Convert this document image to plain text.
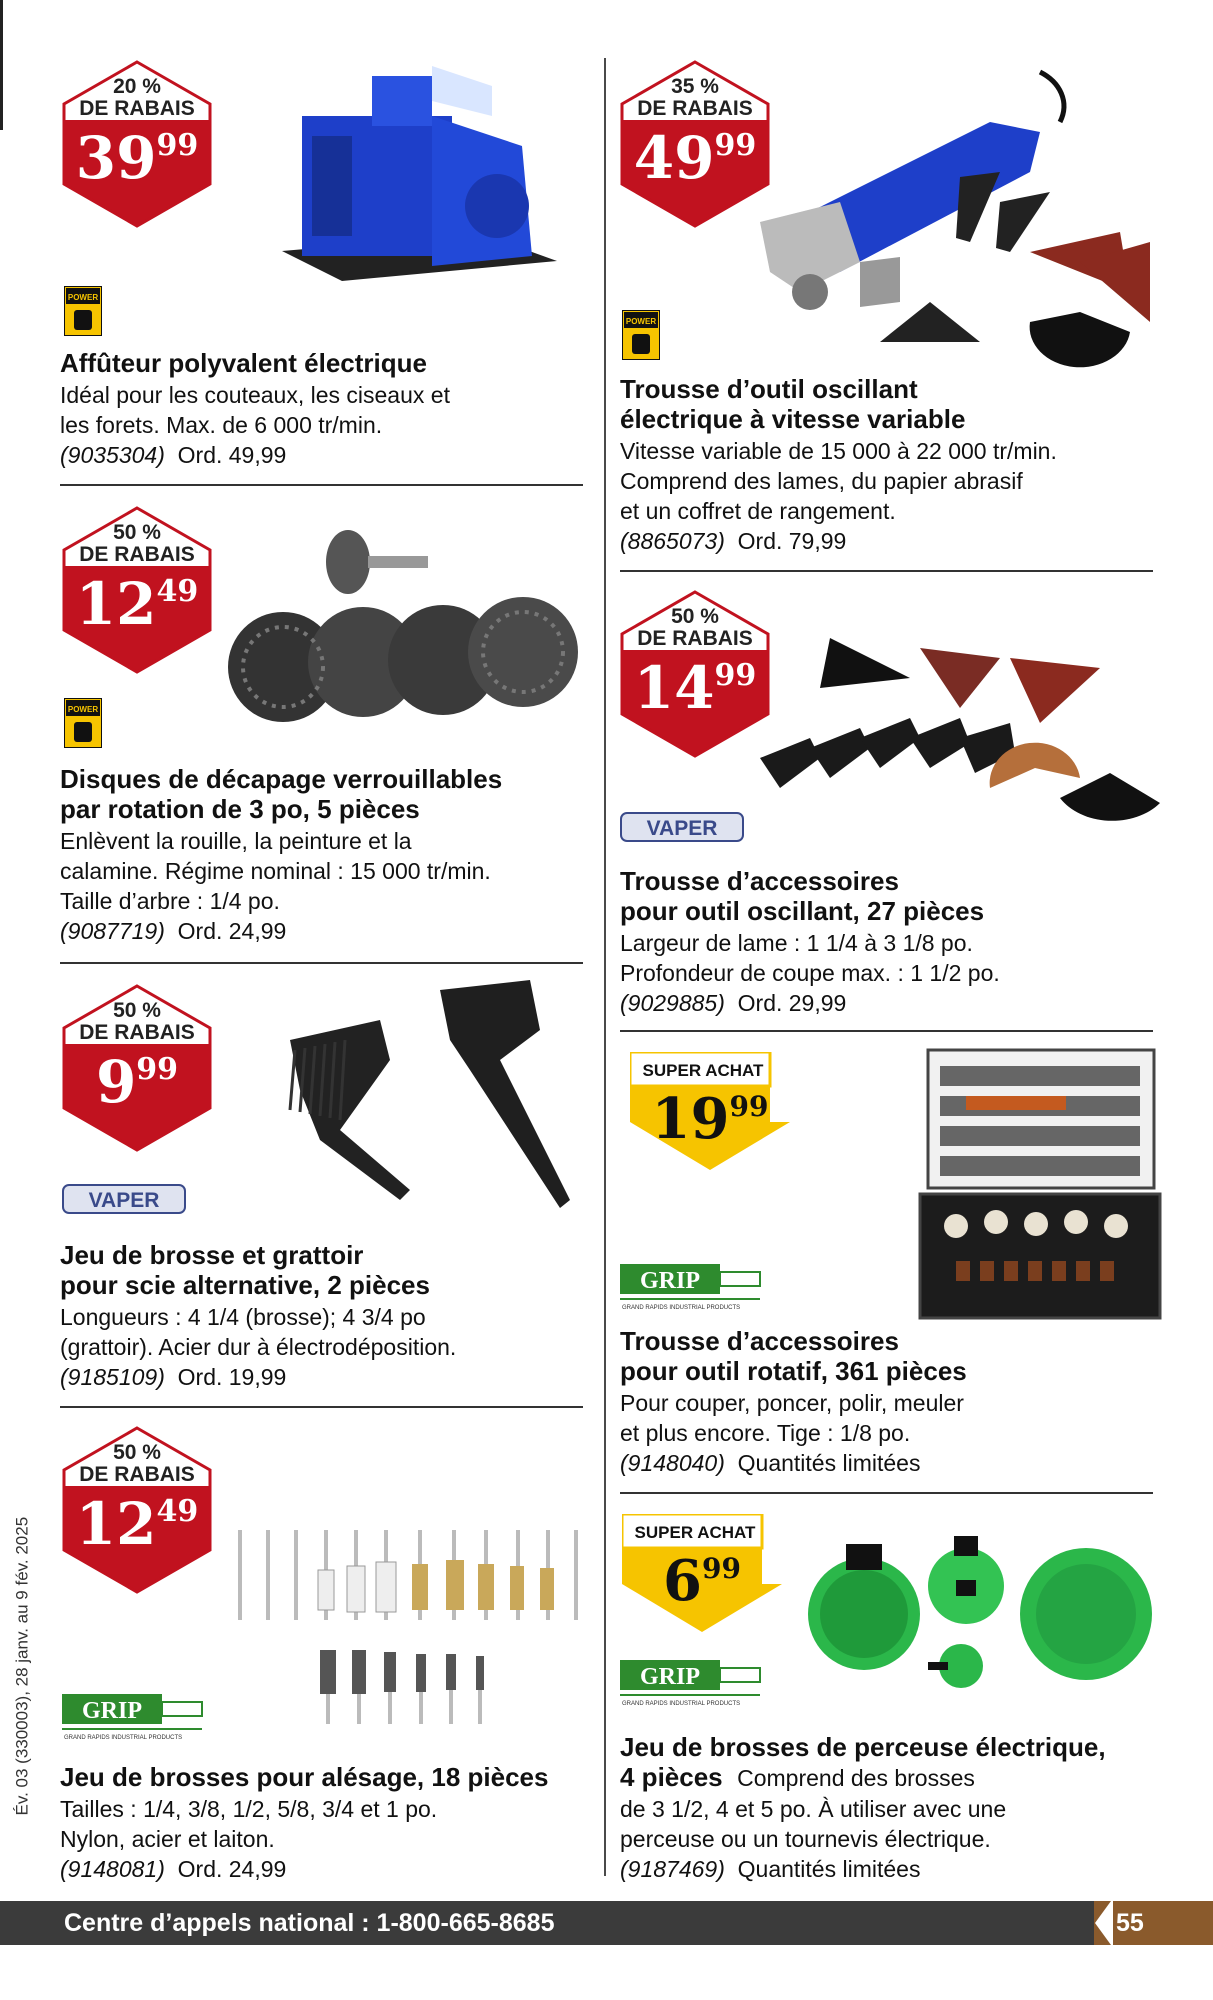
20 %
DE RABAIS
$39^{99}$
POWER
Affûteur polyvalent électrique
Idéal pour les couteaux, les ciseaux et
les forets. Max. de 6 000 tr/min.
(9035304) Ord. 49,99
50 %
DE RABAIS
$12^{49}$
POWER
Disques de décapage verrouillables
par rotation de 3 po, 5 pièces
Enlèvent la rouille, la peinture et la
calamine. Régime nominal : 15 000 tr/min.
Taille d’arbre : 1/4 po.
(9087719) Ord. 24,99
50 %
DE RABAIS
$9^{99}$
VAPER
Jeu de brosse et grattoir
pour scie alternative, 2 pièces
Longueurs : 4 1/4 (brosse); 4 3/4 po
(grattoir). Acier dur à électrodéposition.
(9185109) Ord. 19,99
50 %
DE RABAIS
$12^{49}$
GRIP
GRAND RAPIDS INDUSTRIAL PRODUCTS
Jeu de brosses pour alésage, 18 pièces
Tailles : 1/4, 3/8, 1/2, 5/8, 3/4 et 1 po.
Nylon, acier et laiton.
(9148081) Ord. 24,99
35 %
DE RABAIS
$49^{99}$
POWER
Trousse d’outil oscillant
électrique à vitesse variable
Vitesse variable de 15 000 à 22 000 tr/min.
Comprend des lames, du papier abrasif
et un coffret de rangement.
(8865073) Ord. 79,99
50 %
DE RABAIS
$14^{99}$
VAPER
Trousse d’accessoires
pour outil oscillant, 27 pièces
Largeur de lame : 1 1/4 à 3 1/8 po.
Profondeur de coupe max. : 1 1/2 po.
(9029885) Ord. 29,99
SUPER ACHAT
$19^{99}$
GRIP
GRAND RAPIDS INDUSTRIAL PRODUCTS
Trousse d’accessoires
pour outil rotatif, 361 pièces
Pour couper, poncer, polir, meuler
et plus encore. Tige : 1/8 po.
(9148040) Quantités limitées
SUPER ACHAT
$6^{99}$
GRIP
GRAND RAPIDS INDUSTRIAL PRODUCTS
Jeu de brosses de perceuse électrique,
4 pièces Comprend des brosses
de 3 1/2, 4 et 5 po. À utiliser avec une
perceuse ou un tournevis électrique.
(9187469) Quantités limitées
Év. 03 (330003), 28 janv. au 9 fév. 2025
Centre d’appels national : 1-800-665-8685	55
